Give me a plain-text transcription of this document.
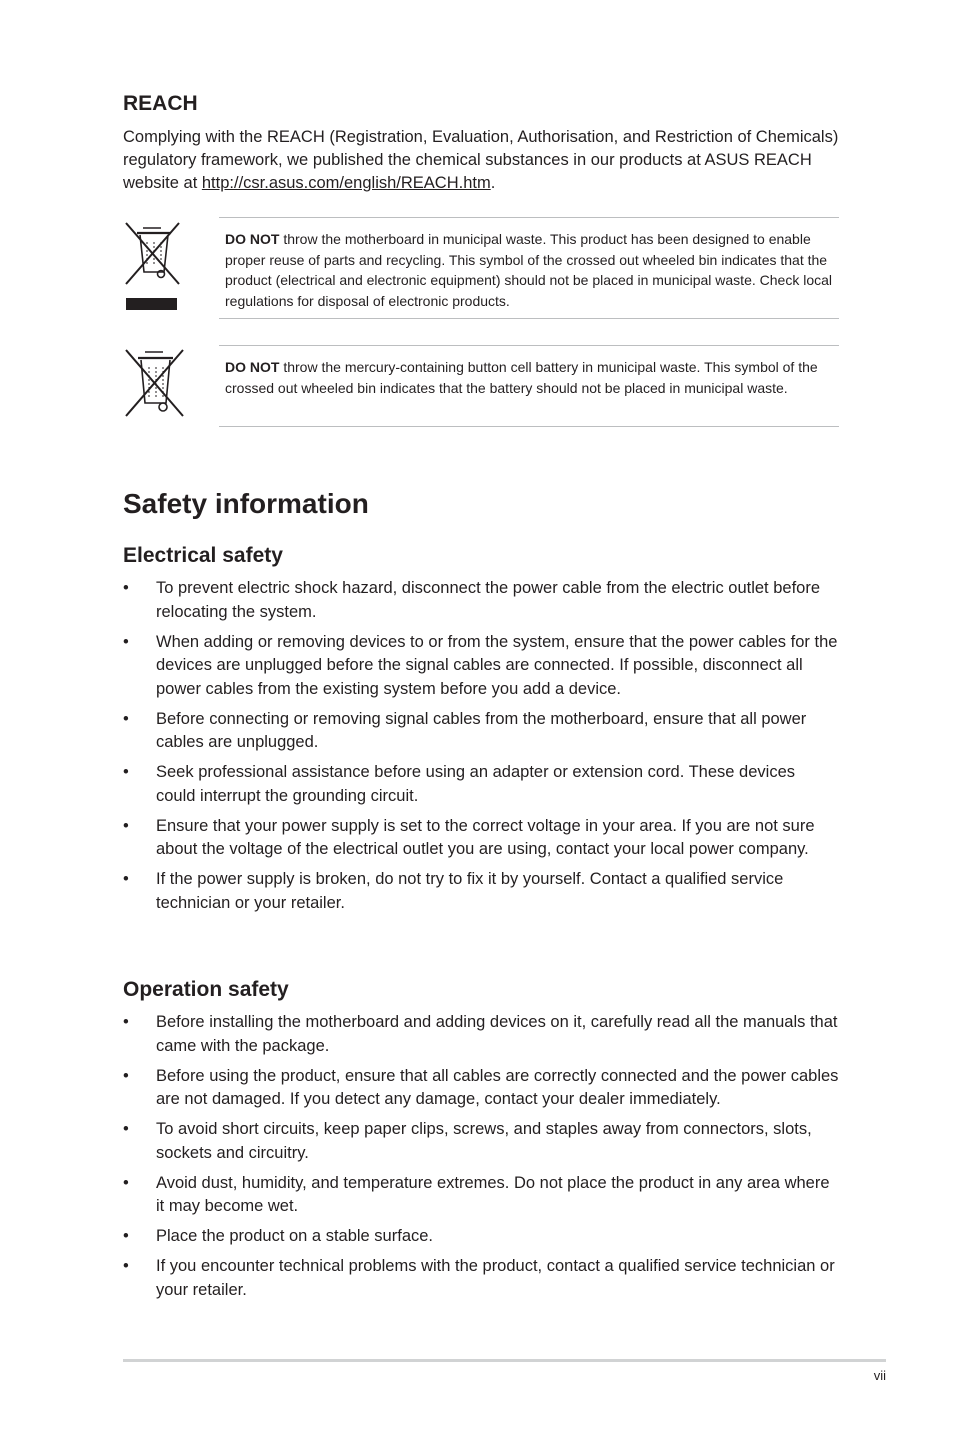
REACH

Complying with the REACH (Registration, Evaluation, Authorisation, and Restriction of Chemicals) regulatory framework, we published the chemical substances in our products at ASUS REACH website at http://csr.asus.com/english/REACH.htm.

DO NOT throw the motherboard in municipal waste. This product has been designed to enable proper reuse of parts and recycling. This symbol of the crossed out wheeled bin indicates that the product (electrical and electronic equipment) should not be placed in municipal waste. Check local regulations for disposal of electronic products.

DO NOT throw the mercury-containing button cell battery in municipal waste. This symbol of the crossed out wheeled bin indicates that the battery should not be placed in municipal waste.

Safety information
Electrical safety
• To prevent electric shock hazard, disconnect the power cable from the electric outlet before relocating the system.
• When adding or removing devices to or from the system, ensure that the power cables for the devices are unplugged before the signal cables are connected. If possible, disconnect all power cables from the existing system before you add a device.
• Before connecting or removing signal cables from the motherboard, ensure that all power cables are unplugged.
• Seek professional assistance before using an adapter or extension cord. These devices could interrupt the grounding circuit.
• Ensure that your power supply is set to the correct voltage in your area. If you are not sure about the voltage of the electrical outlet you are using, contact your local power company.
• If the power supply is broken, do not try to fix it by yourself. Contact a qualified service technician or your retailer.
Operation safety
• Before installing the motherboard and adding devices on it, carefully read all the manuals that came with the package.
• Before using the product, ensure that all cables are correctly connected and the power cables are not damaged. If you detect any damage, contact your dealer immediately.
• To avoid short circuits, keep paper clips, screws, and staples away from connectors, slots, sockets and circuitry.
• Avoid dust, humidity, and temperature extremes. Do not place the product in any area where it may become wet.
• Place the product on a stable surface.
• If you encounter technical problems with the product, contact a qualified service technician or your retailer.
vii
